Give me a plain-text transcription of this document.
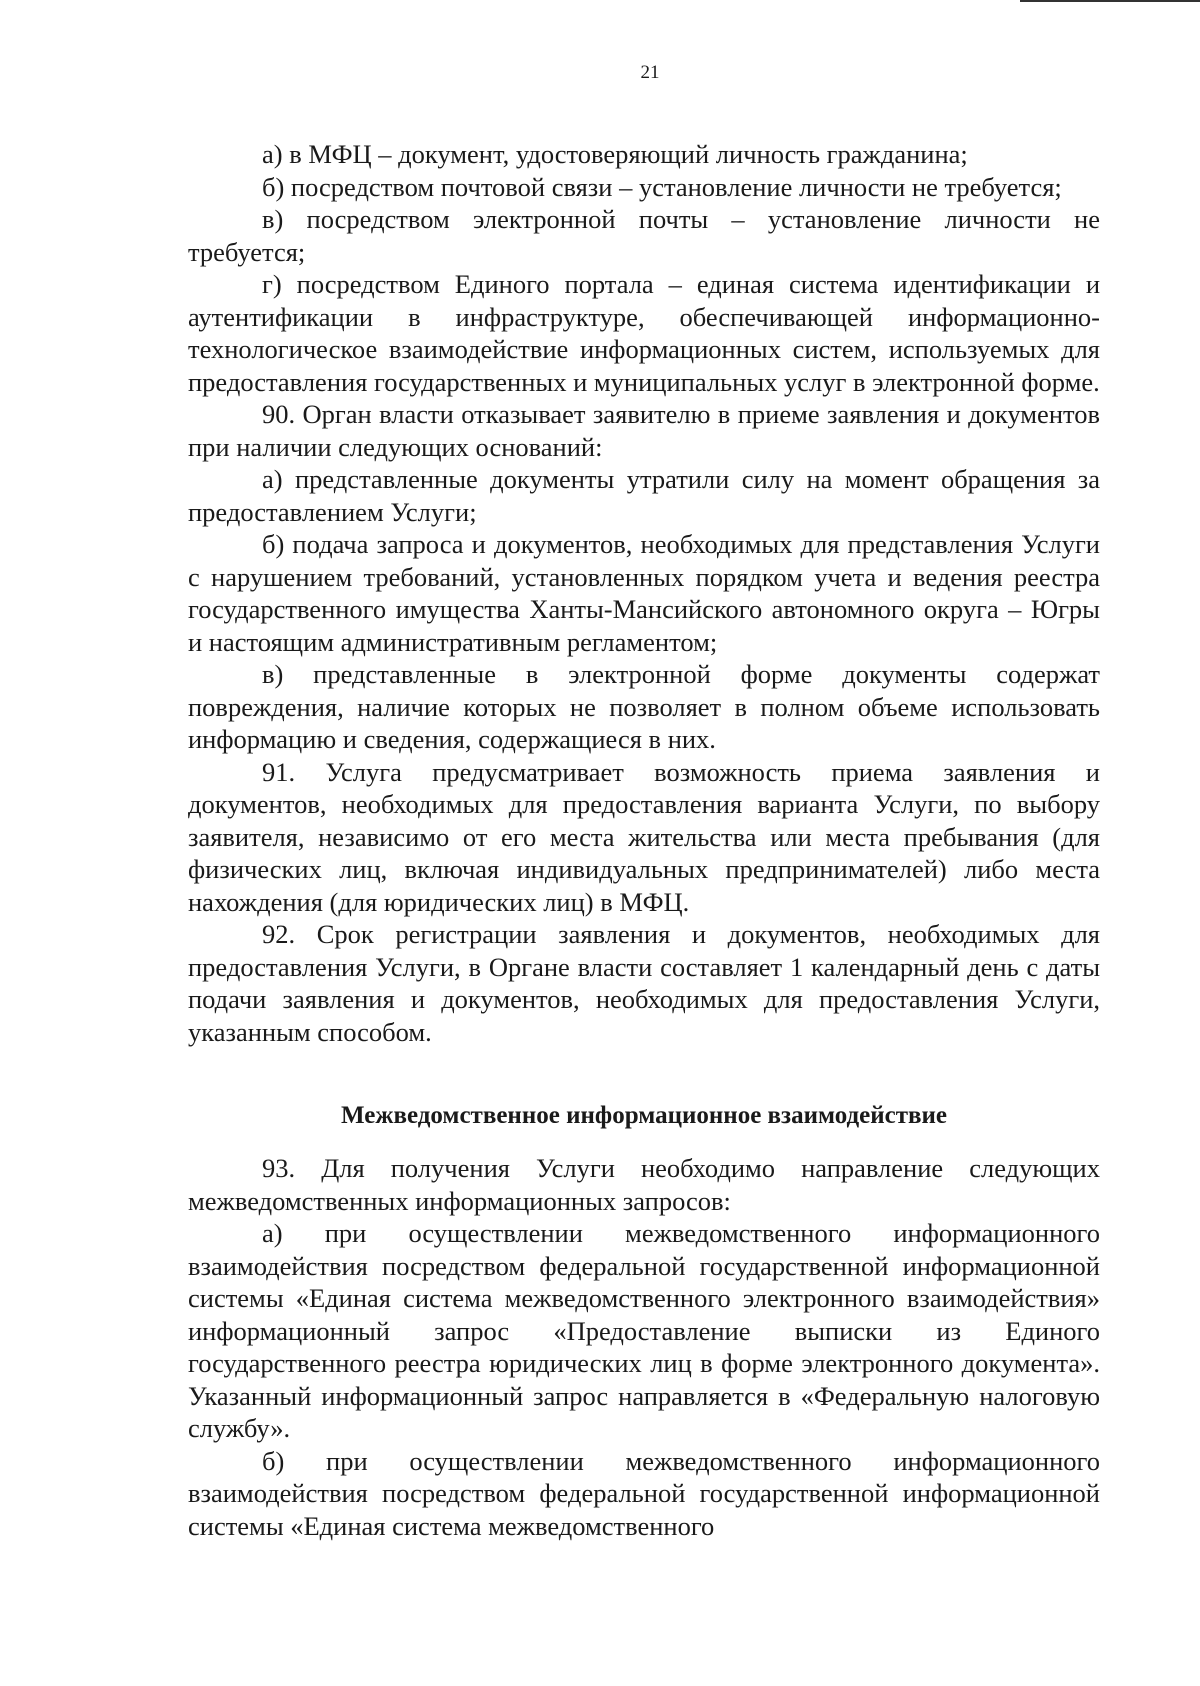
21

а) в МФЦ – документ, удостоверяющий личность гражданина;

б) посредством почтовой связи – установление личности не требуется;

в) посредством электронной почты – установление личности не требуется;

г) посредством Единого портала – единая система идентификации и аутентификации в инфраструктуре, обеспечивающей информационно-технологическое взаимодействие информационных систем, используемых для предоставления государственных и муниципальных услуг в электронной форме.

90. Орган власти отказывает заявителю в приеме заявления и документов при наличии следующих оснований:

а) представленные документы утратили силу на момент обращения за предоставлением Услуги;

б) подача запроса и документов, необходимых для представления Услуги с нарушением требований, установленных порядком учета и ведения реестра государственного имущества Ханты-Мансийского автономного округа – Югры и настоящим административным регламентом;

в) представленные в электронной форме документы содержат повреждения, наличие которых не позволяет в полном объеме использовать информацию и сведения, содержащиеся в них.

91. Услуга предусматривает возможность приема заявления и документов, необходимых для предоставления варианта Услуги, по выбору заявителя, независимо от его места жительства или места пребывания (для физических лиц, включая индивидуальных предпринимателей) либо места нахождения (для юридических лиц) в МФЦ.

92. Срок регистрации заявления и документов, необходимых для предоставления Услуги, в Органе власти составляет 1 календарный день с даты подачи заявления и документов, необходимых для предоставления Услуги, указанным способом.

Межведомственное информационное взаимодействие

93. Для получения Услуги необходимо направление следующих межведомственных информационных запросов:

а) при осуществлении межведомственного информационного взаимодействия посредством федеральной государственной информационной системы «Единая система межведомственного электронного взаимодействия» информационный запрос «Предоставление выписки из Единого государственного реестра юридических лиц в форме электронного документа». Указанный информационный запрос направляется в «Федеральную налоговую службу».

б) при осуществлении межведомственного информационного взаимодействия посредством федеральной государственной информационной системы «Единая система межведомственного
